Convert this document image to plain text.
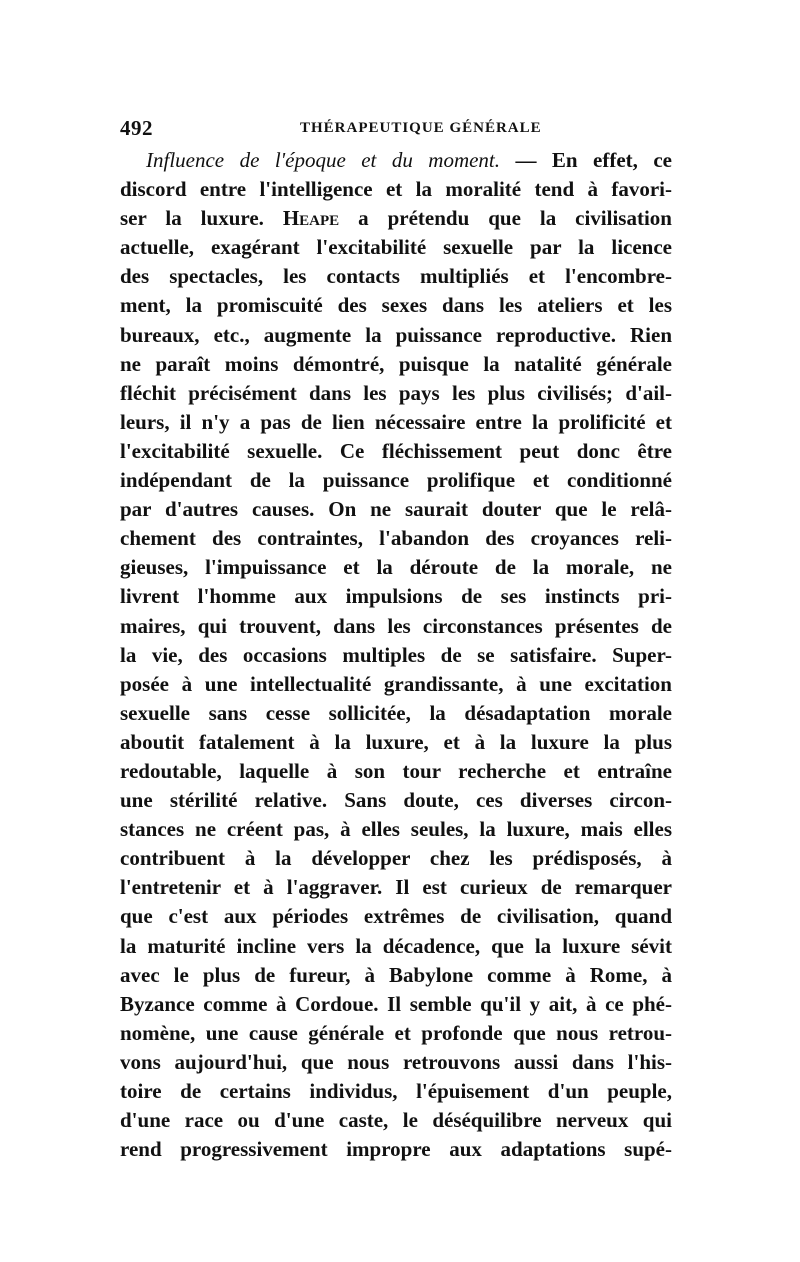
492	THÉRAPEUTIQUE GÉNÉRALE
Influence de l'époque et du moment. — En effet, ce
discord entre l'intelligence et la moralité tend à favori-
ser la luxure. Heape a prétendu que la civilisation
actuelle, exagérant l'excitabilité sexuelle par la licence
des spectacles, les contacts multipliés et l'encombre-
ment, la promiscuité des sexes dans les ateliers et les
bureaux, etc., augmente la puissance reproductive. Rien
ne paraît moins démontré, puisque la natalité générale
fléchit précisément dans les pays les plus civilisés; d'ail-
leurs, il n'y a pas de lien nécessaire entre la prolificité et
l'excitabilité sexuelle. Ce fléchissement peut donc être
indépendant de la puissance prolifique et conditionné
par d'autres causes. On ne saurait douter que le relâ-
chement des contraintes, l'abandon des croyances reli-
gieuses, l'impuissance et la déroute de la morale, ne
livrent l'homme aux impulsions de ses instincts pri-
maires, qui trouvent, dans les circonstances présentes de
la vie, des occasions multiples de se satisfaire. Super-
posée à une intellectualité grandissante, à une excitation
sexuelle sans cesse sollicitée, la désadaptation morale
aboutit fatalement à la luxure, et à la luxure la plus
redoutable, laquelle à son tour recherche et entraîne
une stérilité relative. Sans doute, ces diverses circon-
stances ne créent pas, à elles seules, la luxure, mais elles
contribuent à la développer chez les prédisposés, à
l'entretenir et à l'aggraver. Il est curieux de remarquer
que c'est aux périodes extrêmes de civilisation, quand
la maturité incline vers la décadence, que la luxure sévit
avec le plus de fureur, à Babylone comme à Rome, à
Byzance comme à Cordoue. Il semble qu'il y ait, à ce phé-
nomène, une cause générale et profonde que nous retrou-
vons aujourd'hui, que nous retrouvons aussi dans l'his-
toire de certains individus, l'épuisement d'un peuple,
d'une race ou d'une caste, le déséquilibre nerveux qui
rend progressivement impropre aux adaptations supé-
